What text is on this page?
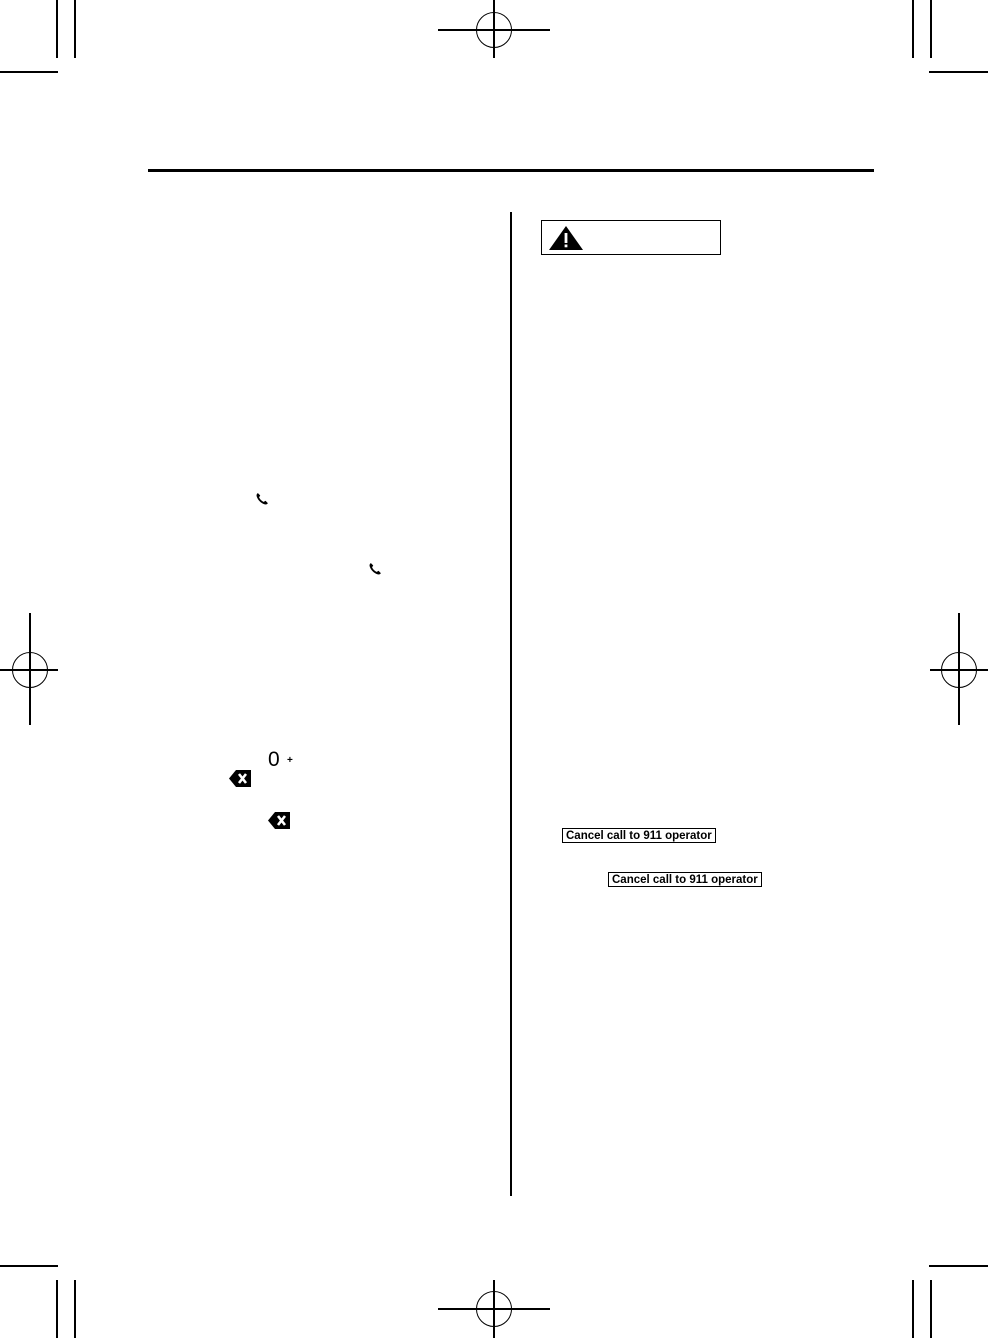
0 +
Cancel call to 911 operator
Cancel call to 911 operator
